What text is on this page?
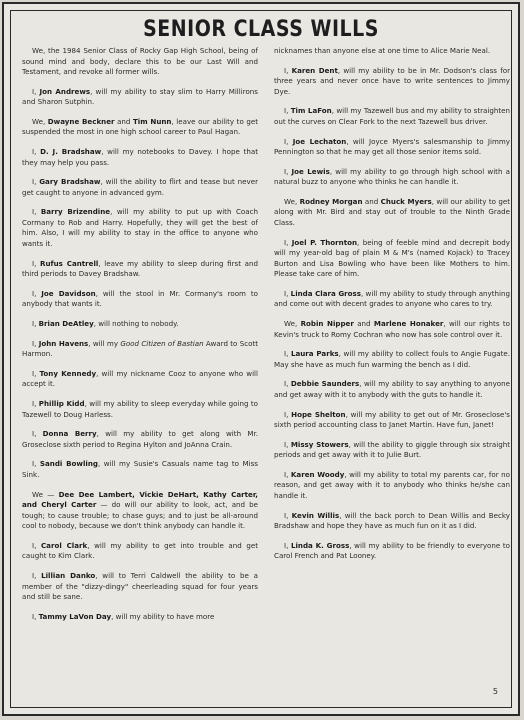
SENIOR CLASS WILLS

We, the 1984 Senior Class of Rocky Gap High School, being of sound mind and body, declare this to be our Last Will and Testament, and revoke all former wills.

I, Jon Andrews, will my ability to stay slim to Harry Millirons and Sharon Sutphin.

We, Dwayne Beckner and Tim Nunn, leave our ability to get suspended the most in one high school career to Paul Hagan.

I, D. J. Bradshaw, will my notebooks to Davey. I hope that they may help you pass.

I, Gary Bradshaw, will the ability to flirt and tease but never get caught to anyone in advanced gym.

I, Barry Brizendine, will my ability to put up with Coach Cormany to Rob and Harry. Hopefully, they will get the best of him. Also, I will my ability to stay in the office to anyone who wants it.

I, Rufus Cantrell, leave my ability to sleep during first and third periods to Davey Bradshaw.

I, Joe Davidson, will the stool in Mr. Cormany's room to anybody that wants it.

I, Brian DeAtley, will nothing to nobody.

I, John Havens, will my Good Citizen of Bastian Award to Scott Harmon.

I, Tony Kennedy, will my nickname Cooz to anyone who will accept it.

I, Phillip Kidd, will my ability to sleep everyday while going to Tazewell to Doug Harless.

I, Donna Berry, will my ability to get along with Mr. Groseclose sixth period to Regina Hylton and JoAnna Crain.

I, Sandi Bowling, will my Susie's Casuals name tag to Miss Sink.

We — Dee Dee Lambert, Vickie DeHart, Kathy Carter, and Cheryl Carter — do will our ability to look, act, and be tough; to cause trouble; to chase guys; and to just be all-around cool to nobody, because we don't think anybody can handle it.

I, Carol Clark, will my ability to get into trouble and get caught to Kim Clark.

I, Lillian Danko, will to Terri Caldwell the ability to be a member of the "dizzy-dingy" cheerleading squad for four years and still be sane.

I, Tammy LaVon Day, will my ability to have more

nicknames than anyone else at one time to Alice Marie Neal.

I, Karen Dent, will my ability to be in Mr. Dodson's class for three years and never once have to write sentences to Jimmy Dye.

I, Tim LaFon, will my Tazewell bus and my ability to straighten out the curves on Clear Fork to the next Tazewell bus driver.

I, Joe Lechaton, will Joyce Myers's salesmanship to Jimmy Pennington so that he may get all those senior items sold.

I, Joe Lewis, will my ability to go through high school with a natural buzz to anyone who thinks he can handle it.

We, Rodney Morgan and Chuck Myers, will our ability to get along with Mr. Bird and stay out of trouble to the Ninth Grade Class.

I, Joel P. Thornton, being of feeble mind and decrepit body will my year-old bag of plain M & M's (named Kojack) to Tracey Burton and Lisa Bowling who have been like Mothers to him. Please take care of him.

I, Linda Clara Gross, will my ability to study through anything and come out with decent grades to anyone who cares to try.

We, Robin Nipper and Marlene Honaker, will our rights to Kevin's truck to Romy Cochran who now has sole control over it.

I, Laura Parks, will my ability to collect fouls to Angie Fugate. May she have as much fun warming the bench as I did.

I, Debbie Saunders, will my ability to say anything to anyone and get away with it to anybody with the guts to handle it.

I, Hope Shelton, will my ability to get out of Mr. Groseclose's sixth period accounting class to Janet Martin. Have fun, Janet!

I, Missy Stowers, will the ability to giggle through six straight periods and get away with it to Julie Burt.

I, Karen Woody, will my ability to total my parents car, for no reason, and get away with it to anybody who thinks he/she can handle it.

I, Kevin Willis, will the back porch to Dean Willis and Becky Bradshaw and hope they have as much fun on it as I did.

I, Linda K. Gross, will my ability to be friendly to everyone to Carol French and Pat Looney.

5
